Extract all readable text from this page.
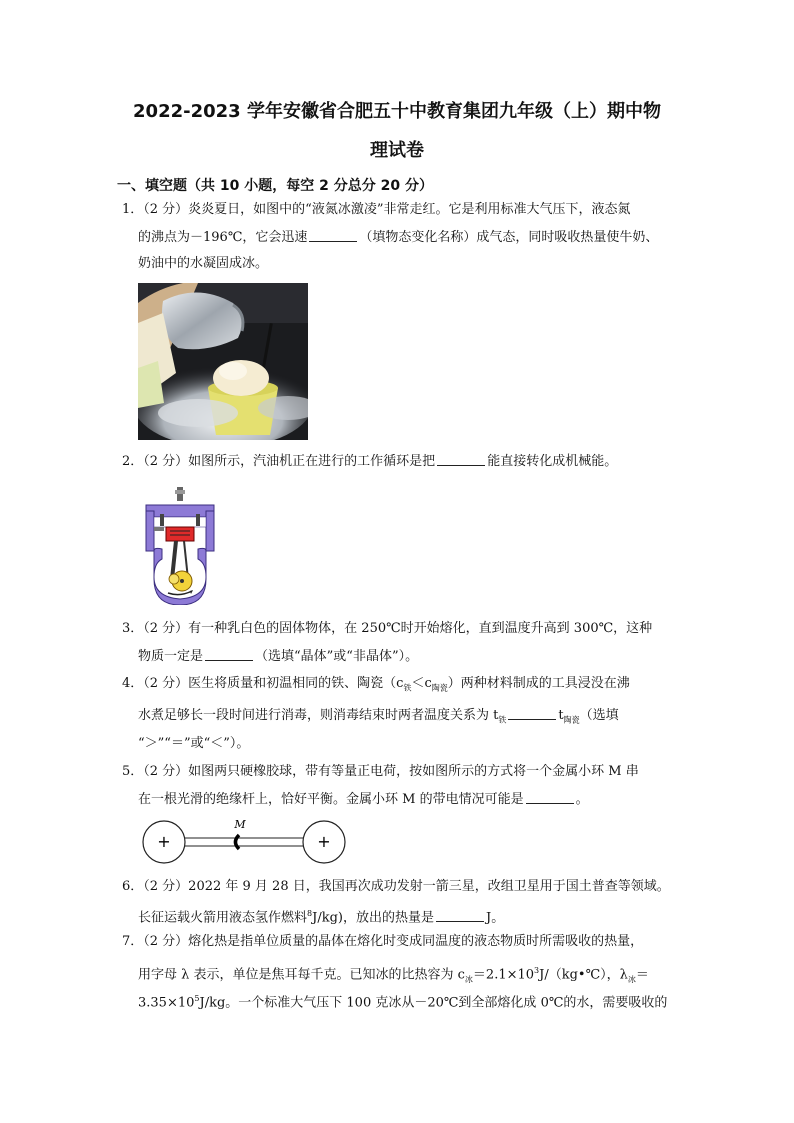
2022-2023 学年安徽省合肥五十中教育集团九年级（上）期中物
理试卷
一、填空题（共 10 小题，每空 2 分总分 20 分）
1．（2 分）炎炎夏日，如图中的“液氮冰激凌”非常走红。它是利用标准大气压下，液态氮
的沸点为－196℃，它会迅速	（填物态变化名称）成气态，同时吸收热量使牛奶、
奶油中的水凝固成冰。
2．（2 分）如图所示，汽油机正在进行的工作循环是把	能直接转化成机械能。
3．（2 分）有一种乳白色的固体物体，在 250℃时开始熔化，直到温度升高到 300℃，这种
物质一定是	（选填“晶体”或“非晶体”）。
4．（2 分）医生将质量和初温相同的铁、陶瓷$(c_铁<c_{陶瓷})$两种材料制成的工具浸没在沸
水煮足够长一段时间进行消毒，则消毒结束时两者温度关系为 $t_铁$	$t_{陶瓷}$（选填
“＞”“＝”或“＜”）。
5．（2 分）如图两只硬橡胶球，带有等量正电荷，按如图所示的方式将一个金属小环 M 串
在一根光滑的绝缘杆上，恰好平衡。金属小环 M 的带电情况可能是	。
+	+
M
6．（2 分）2022 年 9 月 28 日，我国再次成功发射一箭三星，改组卫星用于国土普查等领域。
长征运载火箭用液态氢作燃料$^8$J/kg)，放出的热量是	J。
7．（2 分）熔化热是指单位质量的晶体在熔化时变成同温度的液态物质时所需吸收的热量，
用字母 λ 表示，单位是焦耳每千克。已知冰的比热容为 $c_冰=2.1\times 10^3J/(kg•℃)$，$\lambda_冰=$
$3.35\times 10^5J/kg$。一个标准大气压下 100 克冰从－20℃到全部熔化成 0℃的水，需要吸收的
